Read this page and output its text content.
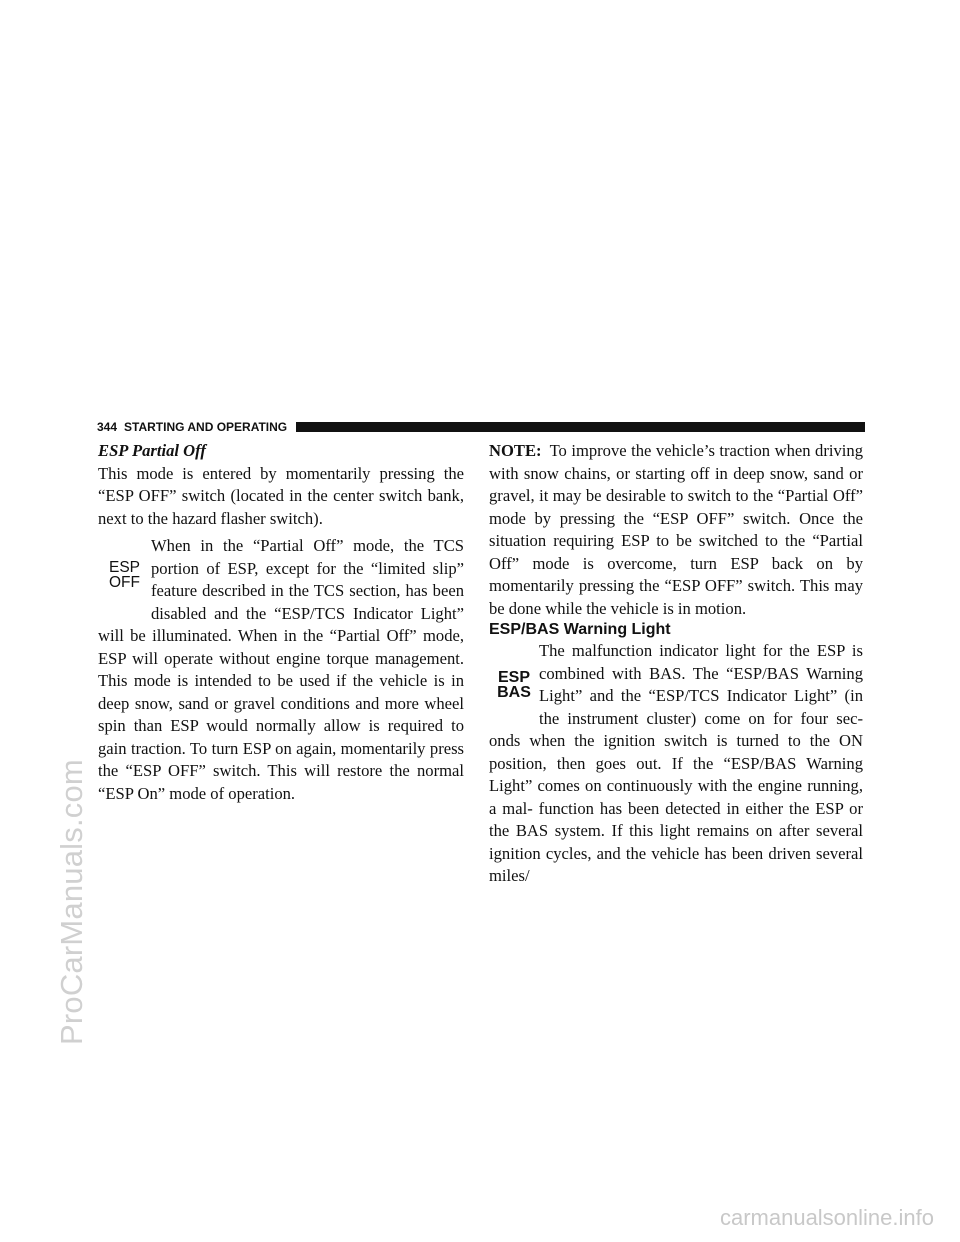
ProCarManuals.com
carmanualsonline.info
344 STARTING AND OPERATING

ESP Partial Off

This mode is entered by momentarily pressing the “ESP OFF” switch (located in the center switch bank, next to the hazard flasher switch).

ESP
OFF

When in the “Partial Off” mode, the TCS portion of ESP, except for the “limited slip” feature described in the TCS section, has been disabled and the “ESP/TCS Indicator Light” will be illuminated. When in the “Partial Off” mode, ESP will operate without engine torque management. This mode is intended to be used if the vehicle is in deep snow, sand or gravel conditions and more wheel spin than ESP would normally allow is required to gain traction. To turn ESP on again, momentarily press the “ESP OFF” switch. This will restore the normal “ESP On” mode of operation.

NOTE: To improve the vehicle’s traction when driving with snow chains, or starting off in deep snow, sand or gravel, it may be desirable to switch to the “Partial Off” mode by pressing the “ESP OFF” switch. Once the situation requiring ESP to be switched to the “Partial Off” mode is overcome, turn ESP back on by momentarily pressing the “ESP OFF” switch. This may be done while the vehicle is in motion.

ESP/BAS Warning Light

ESP
BAS

The malfunction indicator light for the ESP is combined with BAS. The “ESP/BAS Warning Light” and the “ESP/TCS Indicator Light” (in the instrument cluster) come on for four sec- onds when the ignition switch is turned to the ON position, then goes out. If the “ESP/BAS Warning Light” comes on continuously with the engine running, a mal- function has been detected in either the ESP or the BAS system. If this light remains on after several ignition cycles, and the vehicle has been driven several miles/
